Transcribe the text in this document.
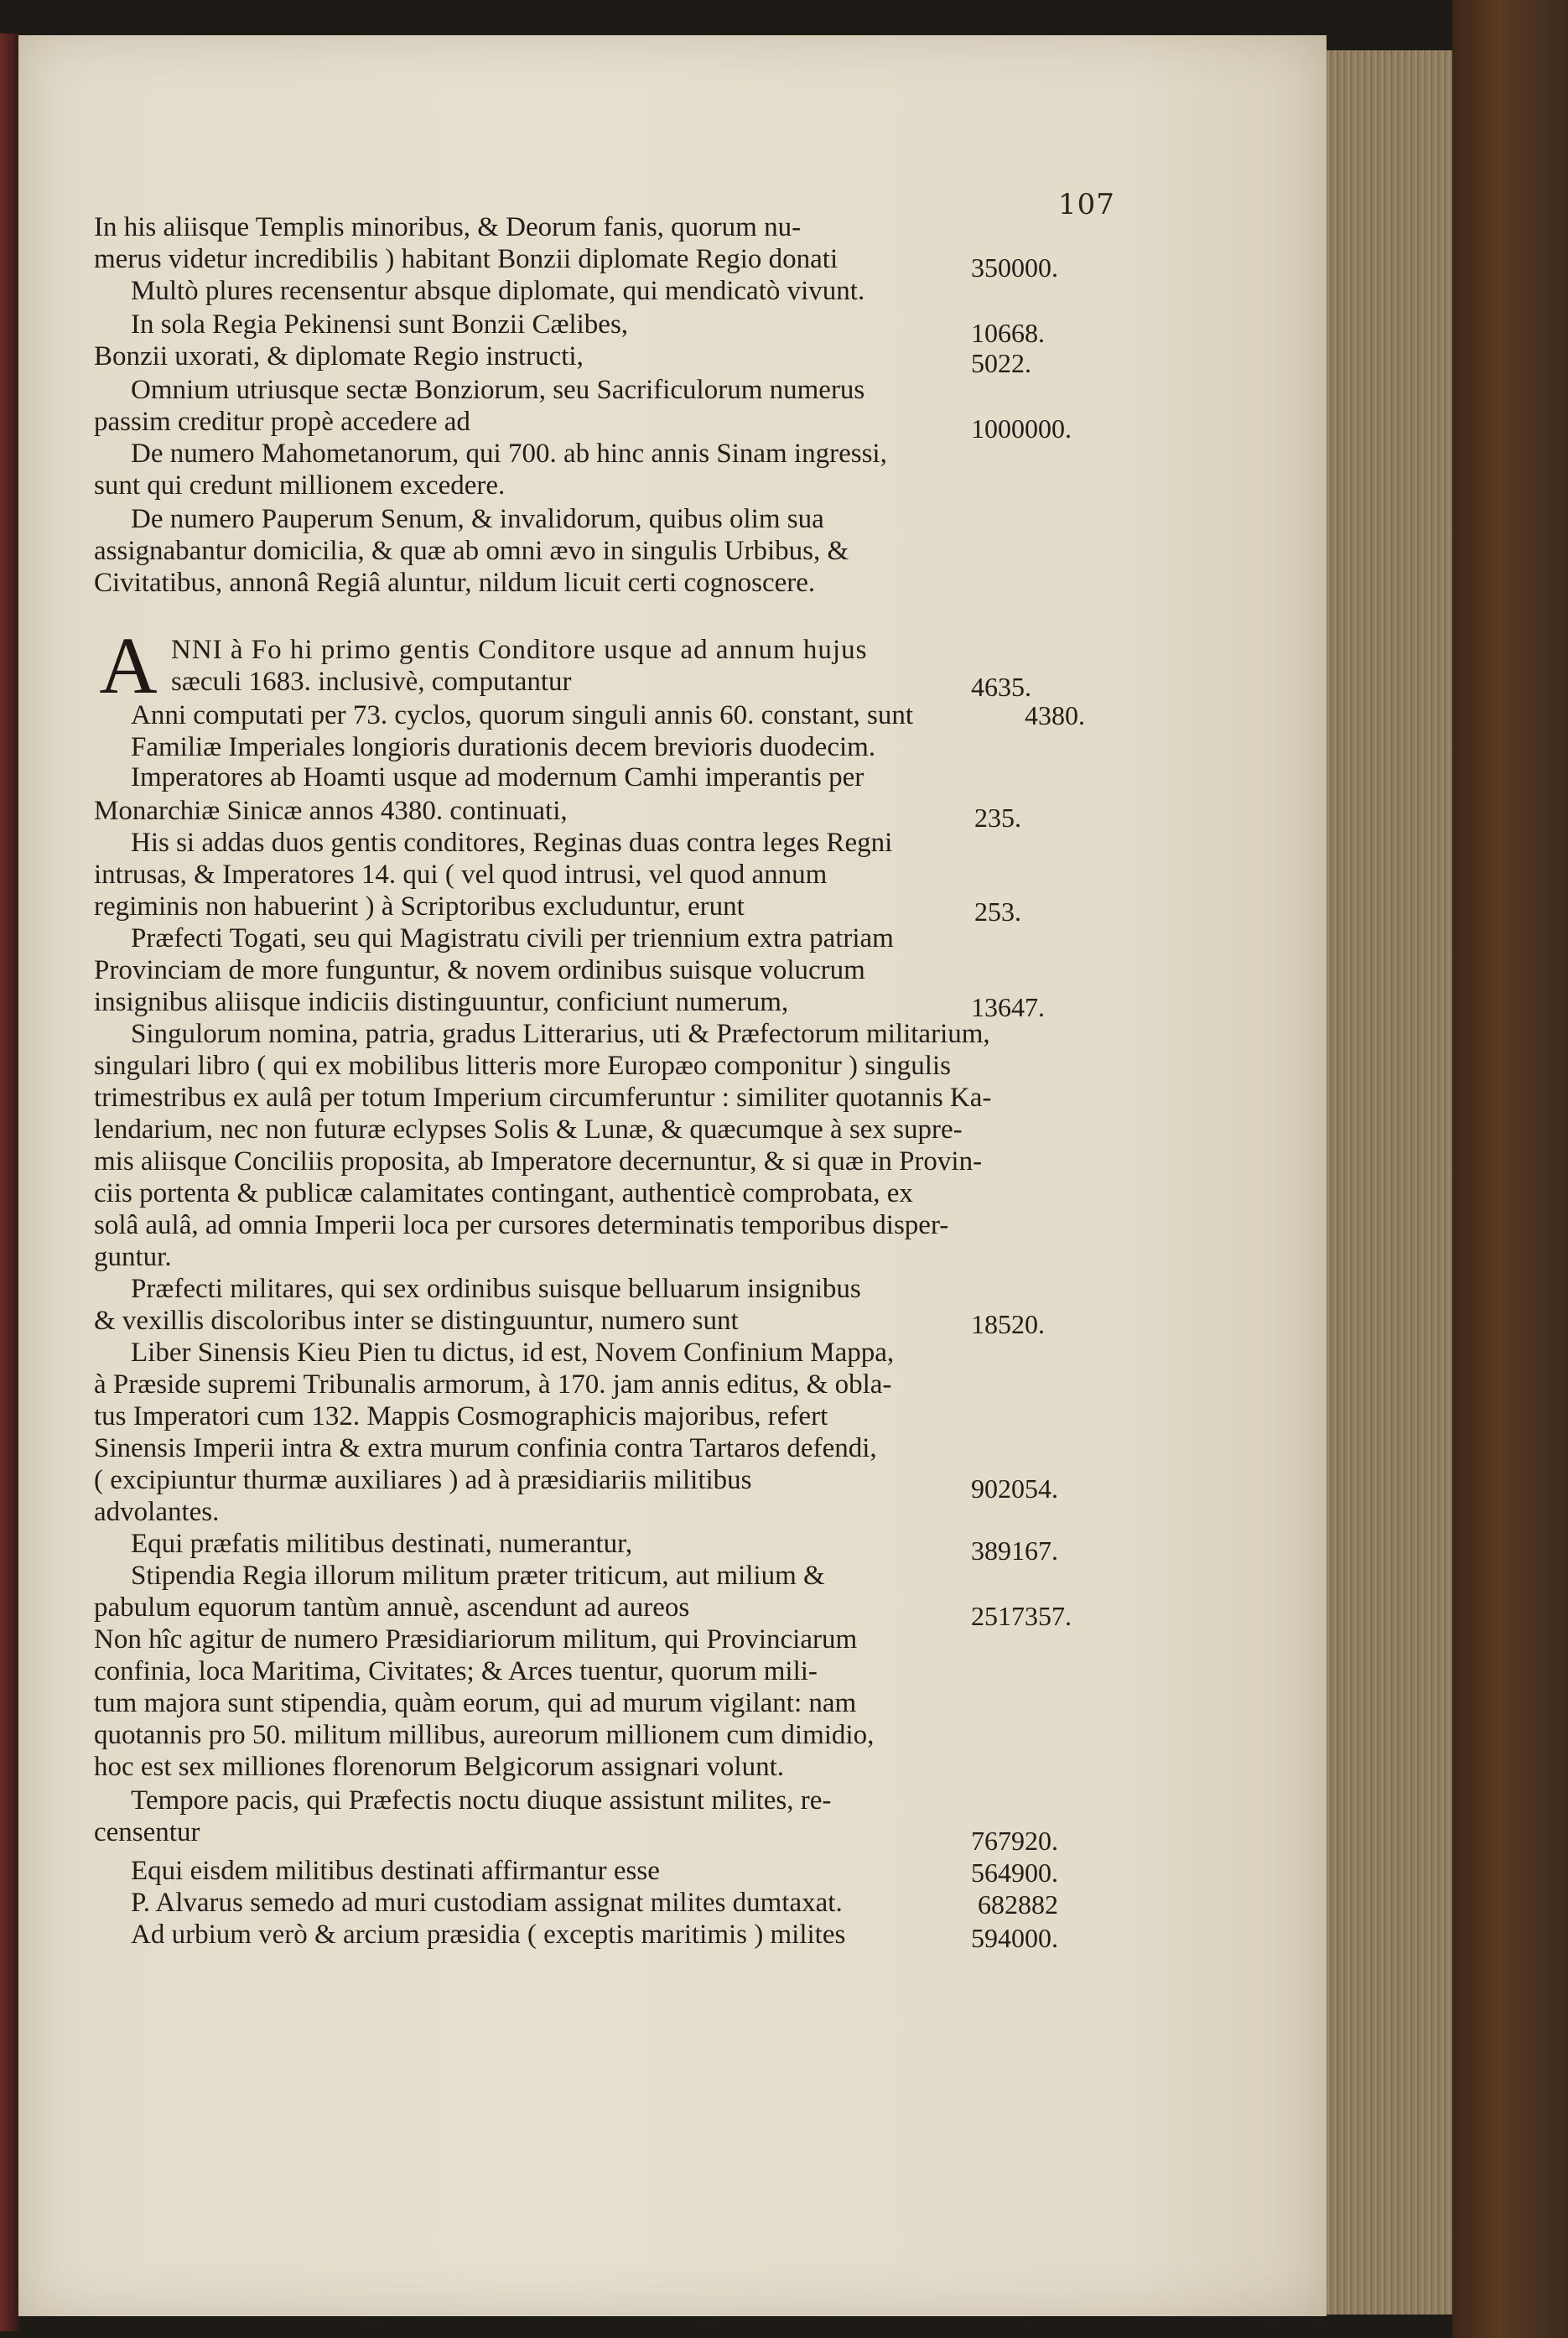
107
A
In his aliisque Templis minoribus, & Deorum fanis, quorum nu-
merus videtur incredibilis ) habitant Bonzii diplomate Regio donati	350000.
Multò plures recensentur absque diplomate, qui mendicatò vivunt.
In sola Regia Pekinensi sunt Bonzii Cælibes,	10668.
Bonzii uxorati, & diplomate Regio instructi,	5022.
Omnium utriusque sectæ Bonziorum, seu Sacrificulorum numerus
passim creditur propè accedere ad	1000000.
De numero Mahometanorum, qui 700. ab hinc annis Sinam ingressi,
sunt qui credunt millionem excedere.
De numero Pauperum Senum, & invalidorum, quibus olim sua
assignabantur domicilia, & quæ ab omni ævo in singulis Urbibus, &
Civitatibus, annonâ Regiâ aluntur, nildum licuit certi cognoscere.
NNI à Fo hi primo gentis Conditore usque ad annum hujus
sæculi 1683. inclusivè, computantur	4635.
Anni computati per 73. cyclos, quorum singuli annis 60. constant, sunt	4380.
Familiæ Imperiales longioris durationis decem brevioris duodecim.
Imperatores ab Hoamti usque ad modernum Camhi imperantis per
Monarchiæ Sinicæ annos 4380. continuati,	235.
His si addas duos gentis conditores, Reginas duas contra leges Regni
intrusas, & Imperatores 14. qui ( vel quod intrusi, vel quod annum
regiminis non habuerint ) à Scriptoribus excluduntur, erunt	253.
Præfecti Togati, seu qui Magistratu civili per triennium extra patriam
Provinciam de more funguntur, & novem ordinibus suisque volucrum
insignibus aliisque indiciis distinguuntur, conficiunt numerum,	13647.
Singulorum nomina, patria, gradus Litterarius, uti & Præfectorum militarium,
singulari libro ( qui ex mobilibus litteris more Europæo componitur ) singulis
trimestribus ex aulâ per totum Imperium circumferuntur : similiter quotannis Ka-
lendarium, nec non futuræ eclypses Solis & Lunæ, & quæcumque à sex supre-
mis aliisque Conciliis proposita, ab Imperatore decernuntur, & si quæ in Provin-
ciis portenta & publicæ calamitates contingant, authenticè comprobata, ex
solâ aulâ, ad omnia Imperii loca per cursores determinatis temporibus disper-
guntur.
Præfecti militares, qui sex ordinibus suisque belluarum insignibus
& vexillis discoloribus inter se distinguuntur, numero sunt	18520.
Liber Sinensis Kieu Pien tu dictus, id est, Novem Confinium Mappa,
à Præside supremi Tribunalis armorum, à 170. jam annis editus, & obla-
tus Imperatori cum 132. Mappis Cosmographicis majoribus, refert
Sinensis Imperii intra & extra murum confinia contra Tartaros defendi,
( excipiuntur thurmæ auxiliares ) ad à præsidiariis militibus	902054.
advolantes.
Equi præfatis militibus destinati, numerantur,	389167.
Stipendia Regia illorum militum præter triticum, aut milium &
pabulum equorum tantùm annuè, ascendunt ad aureos	2517357.
Non hîc agitur de numero Præsidiariorum militum, qui Provinciarum
confinia, loca Maritima, Civitates; & Arces tuentur, quorum mili-
tum majora sunt stipendia, quàm eorum, qui ad murum vigilant: nam
quotannis pro 50. militum millibus, aureorum millionem cum dimidio,
hoc est sex milliones florenorum Belgicorum assignari volunt.
Tempore pacis, qui Præfectis noctu diuque assistunt milites, re-
censentur	767920.
Equi eisdem militibus destinati affirmantur esse	564900.
P. Alvarus semedo ad muri custodiam assignat milites dumtaxat.	682882
Ad urbium verò & arcium præsidia ( exceptis maritimis ) milites	594000.
